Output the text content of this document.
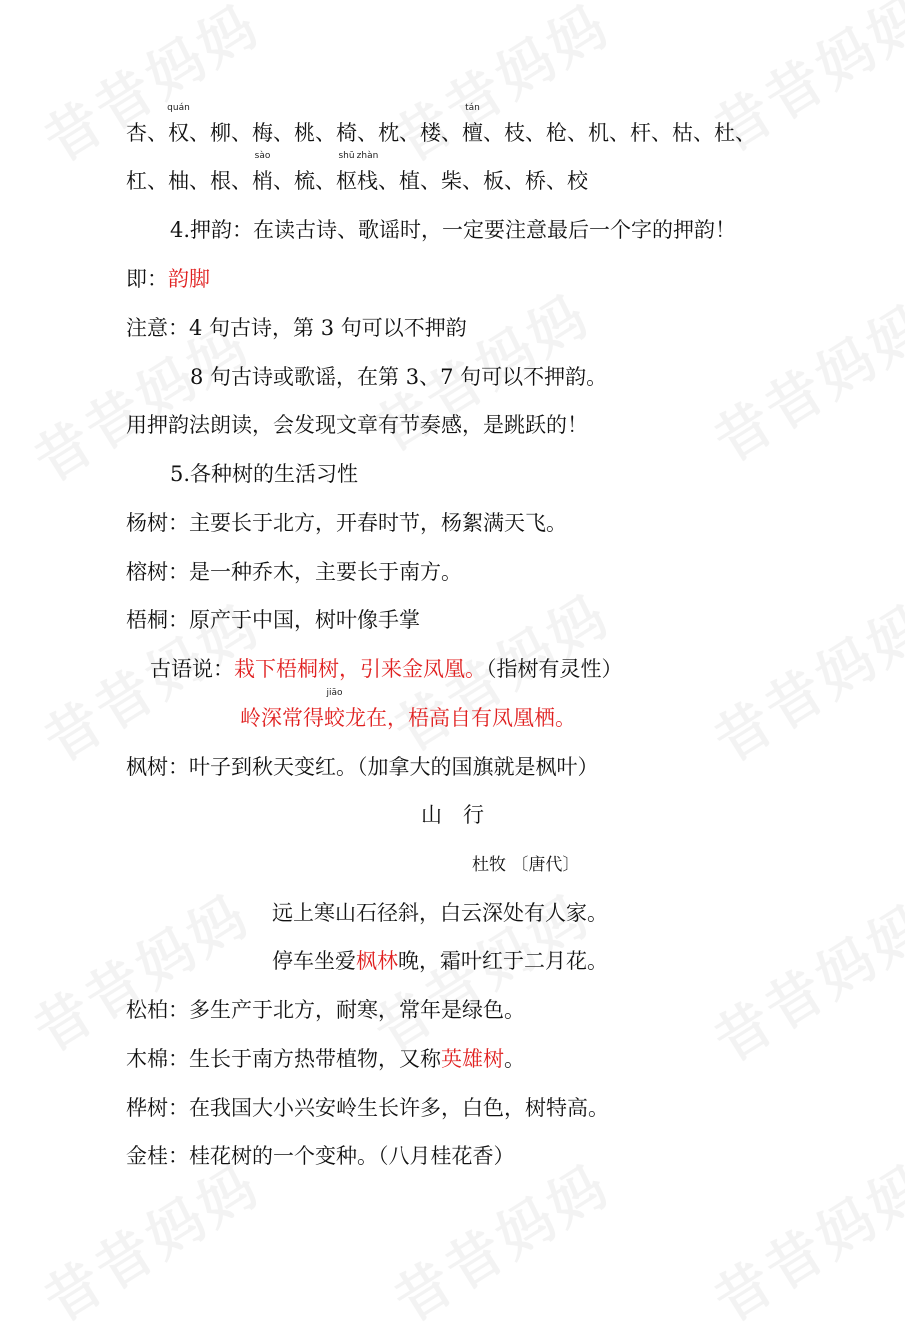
杏、
quán
权、柳、梅、桃、椅、枕、楼、
tán
檀、枝、枪、机、杆、枯、杜、
杠、柚、根、
sào
梢、梳、
shū
枢
zhàn
栈、植、柴、板、桥、校
4.押韵：在读古诗、歌谣时，一定要注意最后一个字的押韵！
即：韵脚
注意：4 句古诗，第 3 句可以不押韵
8 句古诗或歌谣，在第 3、7 句可以不押韵。
用押韵法朗读，会发现文章有节奏感，是跳跃的！
5.各种树的生活习性
杨树：主要长于北方，开春时节，杨絮满天飞。
榕树：是一种乔木，主要长于南方。
梧桐：原产于中国，树叶像手掌
古语说：栽下梧桐树，引来金凤凰。（指树有灵性）
岭深常得
jiāo
蛟龙在，梧高自有凤凰栖。
枫树：叶子到秋天变红。（加拿大的国旗就是枫叶）
山　行
杜牧 〔唐代〕
远上寒山石径斜，白云深处有人家。
停车坐爱枫林晚，霜叶红于二月花。
松柏：多生产于北方，耐寒，常年是绿色。
木棉：生长于南方热带植物，又称英雄树。
桦树：在我国大小兴安岭生长许多，白色，树特高。
金桂：桂花树的一个变种。（八月桂花香）
